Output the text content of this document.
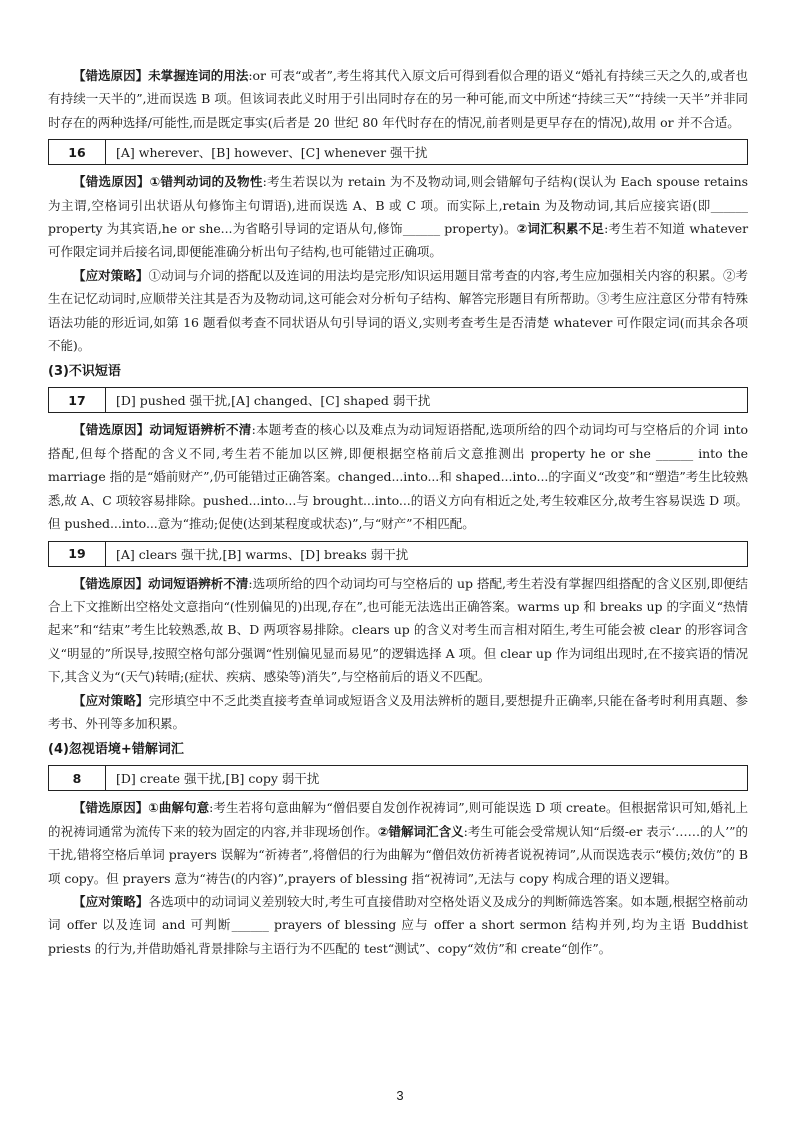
【错选原因】未掌握连词的用法:or 可表“或者”,考生将其代入原文后可得到看似合理的语义“婚礼有持续三天之久的,或者也有持续一天半的”,进而误选 B 项。但该词表此义时用于引出同时存在的另一种可能,而文中所述“持续三天”“持续一天半”并非同时存在的两种选择/可能性,而是既定事实(后者是 20 世纪 80 年代时存在的情况,前者则是更早存在的情况),故用 or 并不合适。

16	[A] wherever、[B] however、[C] whenever 强干扰

【错选原因】①错判动词的及物性:考生若误以为 retain 为不及物动词,则会错解句子结构(误认为 Each spouse retains 为主谓,空格词引出状语从句修饰主句谓语),进而误选 A、B 或 C 项。而实际上,retain 为及物动词,其后应接宾语(即______ property 为其宾语,he or she...为省略引导词的定语从句,修饰______ property)。②词汇积累不足:考生若不知道 whatever 可作限定词并后接名词,即便能准确分析出句子结构,也可能错过正确项。

【应对策略】①动词与介词的搭配以及连词的用法均是完形/知识运用题目常考查的内容,考生应加强相关内容的积累。②考生在记忆动词时,应顺带关注其是否为及物动词,这可能会对分析句子结构、解答完形题目有所帮助。③考生应注意区分带有特殊语法功能的形近词,如第 16 题看似考查不同状语从句引导词的语义,实则考查考生是否清楚 whatever 可作限定词(而其余各项不能)。

(3)不识短语
17	[D] pushed 强干扰,[A] changed、[C] shaped 弱干扰

【错选原因】动词短语辨析不清:本题考查的核心以及难点为动词短语搭配,选项所给的四个动词均可与空格后的介词 into 搭配,但每个搭配的含义不同,考生若不能加以区辨,即便根据空格前后文意推测出 property he or she ______ into the marriage 指的是“婚前财产”,仍可能错过正确答案。changed...into...和 shaped...into...的字面义“改变”和“塑造”考生比较熟悉,故 A、C 项较容易排除。pushed...into...与 brought...into...的语义方向有相近之处,考生较难区分,故考生容易误选 D 项。但 pushed...into...意为“推动;促使(达到某程度或状态)”,与“财产”不相匹配。

19	[A] clears 强干扰,[B] warms、[D] breaks 弱干扰

【错选原因】动词短语辨析不清:选项所给的四个动词均可与空格后的 up 搭配,考生若没有掌握四组搭配的含义区别,即便结合上下文推断出空格处文意指向“(性别偏见的)出现,存在”,也可能无法选出正确答案。warms up 和 breaks up 的字面义“热情起来”和“结束”考生比较熟悉,故 B、D 两项容易排除。clears up 的含义对考生而言相对陌生,考生可能会被 clear 的形容词含义“明显的”所误导,按照空格句部分强调“性别偏见显而易见”的逻辑选择 A 项。但 clear up 作为词组出现时,在不接宾语的情况下,其含义为“(天气)转晴;(症状、疾病、感染等)消失”,与空格前后的语义不匹配。

【应对策略】完形填空中不乏此类直接考查单词或短语含义及用法辨析的题目,要想提升正确率,只能在备考时利用真题、参考书、外刊等多加积累。

(4)忽视语境+错解词汇
8	[D] create 强干扰,[B] copy 弱干扰

【错选原因】①曲解句意:考生若将句意曲解为“僧侣要自发创作祝祷词”,则可能误选 D 项 create。但根据常识可知,婚礼上的祝祷词通常为流传下来的较为固定的内容,并非现场创作。②错解词汇含义:考生可能会受常规认知“后缀-er 表示‘……的人’”的干扰,错将空格后单词 prayers 误解为“祈祷者”,将僧侣的行为曲解为“僧侣效仿祈祷者说祝祷词”,从而误选表示“模仿;效仿”的 B 项 copy。但 prayers 意为“祷告(的内容)”,prayers of blessing 指“祝祷词”,无法与 copy 构成合理的语义逻辑。

【应对策略】各选项中的动词词义差别较大时,考生可直接借助对空格处语义及成分的判断筛选答案。如本题,根据空格前动词 offer 以及连词 and 可判断______ prayers of blessing 应与 offer a short sermon 结构并列,均为主语 Buddhist priests 的行为,并借助婚礼背景排除与主语行为不匹配的 test“测试”、copy“效仿”和 create“创作”。

3
